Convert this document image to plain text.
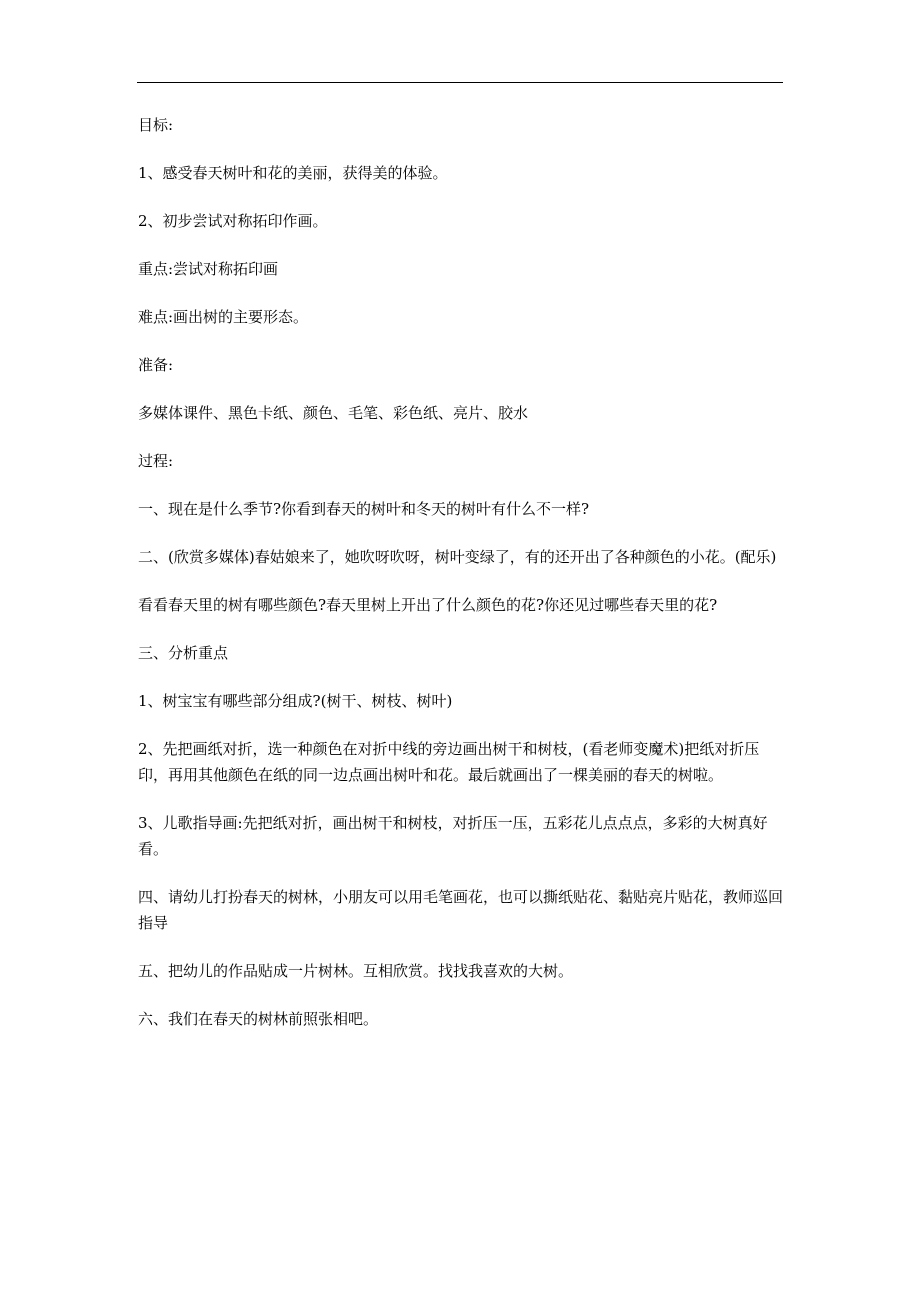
目标:

1、感受春天树叶和花的美丽，获得美的体验。

2、初步尝试对称拓印作画。

重点:尝试对称拓印画

难点:画出树的主要形态。

准备:

多媒体课件、黑色卡纸、颜色、毛笔、彩色纸、亮片、胶水

过程:

一、现在是什么季节?你看到春天的树叶和冬天的树叶有什么不一样?

二、(欣赏多媒体)春姑娘来了，她吹呀吹呀，树叶变绿了，有的还开出了各种颜色的小花。(配乐)

看看春天里的树有哪些颜色?春天里树上开出了什么颜色的花?你还见过哪些春天里的花?

三、分析重点

1、树宝宝有哪些部分组成?(树干、树枝、树叶)

2、先把画纸对折，选一种颜色在对折中线的旁边画出树干和树枝，(看老师变魔术)把纸对折压印，再用其他颜色在纸的同一边点画出树叶和花。最后就画出了一棵美丽的春天的树啦。

3、儿歌指导画:先把纸对折，画出树干和树枝，对折压一压，五彩花儿点点点，多彩的大树真好看。

四、请幼儿打扮春天的树林，小朋友可以用毛笔画花，也可以撕纸贴花、黏贴亮片贴花，教师巡回指导

五、把幼儿的作品贴成一片树林。互相欣赏。找找我喜欢的大树。

六、我们在春天的树林前照张相吧。
